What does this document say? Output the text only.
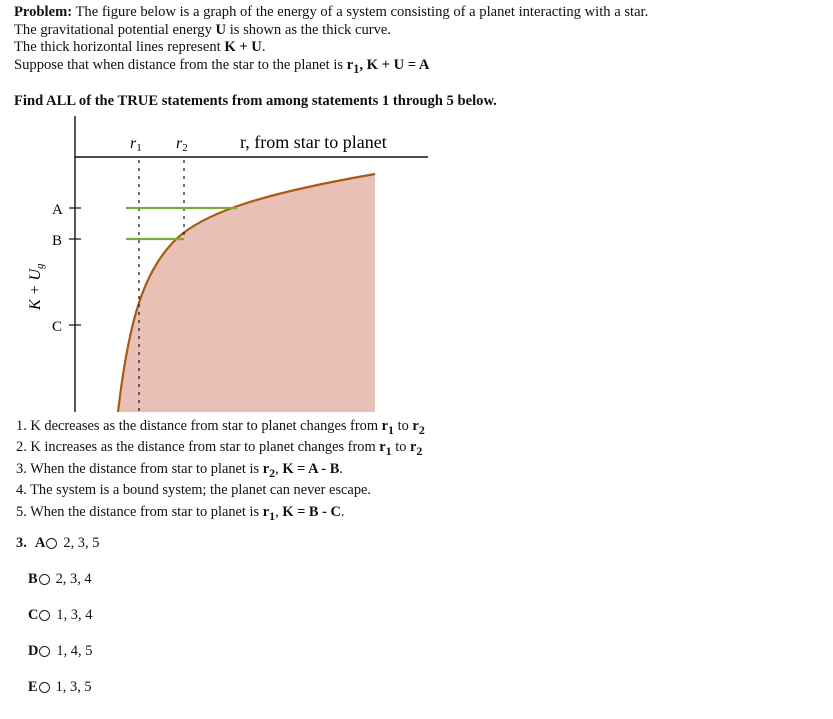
Problem: The figure below is a graph of the energy of a system consisting of a planet interacting with a star.
The gravitational potential energy U is shown as the thick curve.
The thick horizontal lines represent K + U.
Suppose that when distance from the star to the planet is $r_1$, K + U = A
Find ALL of the TRUE statements from among statements 1 through 5 below.
r1 r2	r, from star to planet
A
B
C
K + Ug
1. K decreases as the distance from star to planet changes from $r_1$ to $r_2$
2. K increases as the distance from star to planet changes from $r_1$ to $r_2$
3. When the distance from star to planet is $r_2$, K = A - B.
4. The system is a bound system; the planet can never escape.
5. When the distance from star to planet is $r_1$, K = B - C.
3. A 2, 3, 5
B 2, 3, 4
C 1, 3, 4
D 1, 4, 5
E 1, 3, 5
